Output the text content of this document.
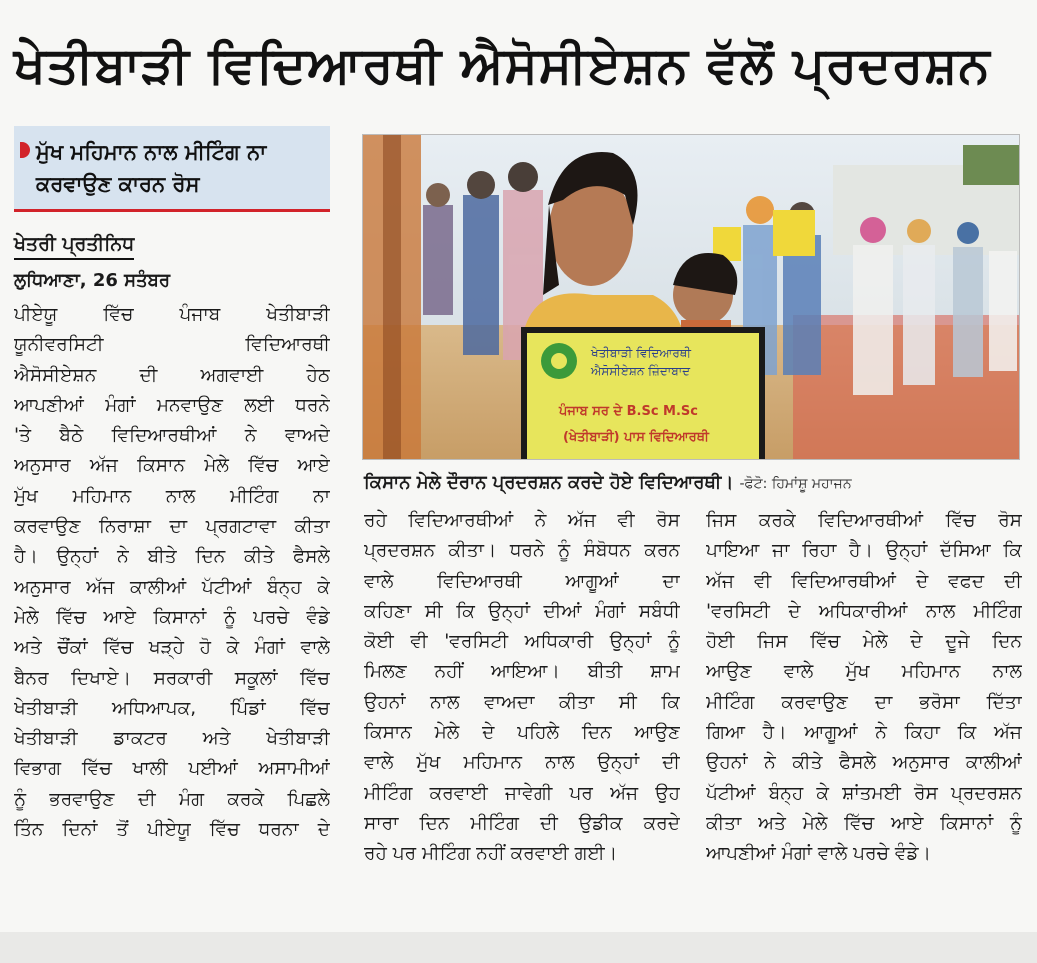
ਖੇਤੀਬਾੜੀ ਵਿਦਿਆਰਥੀ ਐਸੋਸੀਏਸ਼ਨ ਵੱਲੋਂ ਪ੍ਰਦਰਸ਼ਨ
ਮੁੱਖ ਮਹਿਮਾਨ ਨਾਲ ਮੀਟਿੰਗ ਨਾ
ਕਰਵਾਉਣ ਕਾਰਨ ਰੋਸ
ਖੇਤਰੀ ਪ੍ਰਤੀਨਿਧ
ਲੁਧਿਆਣਾ, 26 ਸਤੰਬਰ
ਪੀਏਯੂ ਵਿੱਚ ਪੰਜਾਬ ਖੇਤੀਬਾੜੀ
ਯੂਨੀਵਰਸਿਟੀ ਵਿਦਿਆਰਥੀ
ਐਸੋਸੀਏਸ਼ਨ ਦੀ ਅਗਵਾਈ ਹੇਠ
ਆਪਣੀਆਂ ਮੰਗਾਂ ਮਨਵਾਉਣ ਲਈ ਧਰਨੇ
'ਤੇ ਬੈਠੇ ਵਿਦਿਆਰਥੀਆਂ ਨੇ ਵਾਅਦੇ
ਅਨੁਸਾਰ ਅੱਜ ਕਿਸਾਨ ਮੇਲੇ ਵਿੱਚ ਆਏ
ਮੁੱਖ ਮਹਿਮਾਨ ਨਾਲ ਮੀਟਿੰਗ ਨਾ
ਕਰਵਾਉਣ ਨਿਰਾਸ਼ਾ ਦਾ ਪ੍ਰਗਟਾਵਾ ਕੀਤਾ
ਹੈ। ਉਨ੍ਹਾਂ ਨੇ ਬੀਤੇ ਦਿਨ ਕੀਤੇ ਫੈਸਲੇ
ਅਨੁਸਾਰ ਅੱਜ ਕਾਲੀਆਂ ਪੱਟੀਆਂ ਬੰਨ੍ਹ ਕੇ
ਮੇਲੇ ਵਿੱਚ ਆਏ ਕਿਸਾਨਾਂ ਨੂੰ ਪਰਚੇ ਵੰਡੇ
ਅਤੇ ਚੌਂਕਾਂ ਵਿੱਚ ਖੜ੍ਹੇ ਹੋ ਕੇ ਮੰਗਾਂ ਵਾਲੇ
ਬੈਨਰ ਦਿਖਾਏ। ਸਰਕਾਰੀ ਸਕੂਲਾਂ ਵਿੱਚ
ਖੇਤੀਬਾੜੀ ਅਧਿਆਪਕ, ਪਿੰਡਾਂ ਵਿੱਚ
ਖੇਤੀਬਾੜੀ ਡਾਕਟਰ ਅਤੇ ਖੇਤੀਬਾੜੀ
ਵਿਭਾਗ ਵਿੱਚ ਖਾਲੀ ਪਈਆਂ ਅਸਾਮੀਆਂ
ਨੂੰ ਭਰਵਾਉਣ ਦੀ ਮੰਗ ਕਰਕੇ ਪਿਛਲੇ
ਤਿੰਨ ਦਿਨਾਂ ਤੋਂ ਪੀਏਯੂ ਵਿੱਚ ਧਰਨਾ ਦੇ
ਖੇਤੀਬਾੜੀ ਵਿਦਿਆਰਥੀ
ਐਸੋਸੀਏਸ਼ਨ ਜ਼ਿੰਦਾਬਾਦ
ਪੰਜਾਬ ਸਰ ਦੇ B.Sc M.Sc
(ਖੇਤੀਬਾੜੀ) ਪਾਸ ਵਿਦਿਆਰਥੀ
ਕਿਸਾਨ ਮੇਲੇ ਦੌਰਾਨ ਪ੍ਰਦਰਸ਼ਨ ਕਰਦੇ ਹੋਏ ਵਿਦਿਆਰਥੀ। -ਫੋਟੋ: ਹਿਮਾਂਸ਼ੂ ਮਹਾਜਨ
ਰਹੇ ਵਿਦਿਆਰਥੀਆਂ ਨੇ ਅੱਜ ਵੀ ਰੋਸ
ਪ੍ਰਦਰਸ਼ਨ ਕੀਤਾ। ਧਰਨੇ ਨੂੰ ਸੰਬੋਧਨ ਕਰਨ
ਵਾਲੇ ਵਿਦਿਆਰਥੀ ਆਗੂਆਂ ਦਾ
ਕਹਿਣਾ ਸੀ ਕਿ ਉਨ੍ਹਾਂ ਦੀਆਂ ਮੰਗਾਂ ਸਬੰਧੀ
ਕੋਈ ਵੀ 'ਵਰਸਿਟੀ ਅਧਿਕਾਰੀ ਉਨ੍ਹਾਂ ਨੂੰ
ਮਿਲਣ ਨਹੀਂ ਆਇਆ। ਬੀਤੀ ਸ਼ਾਮ
ਉਹਨਾਂ ਨਾਲ ਵਾਅਦਾ ਕੀਤਾ ਸੀ ਕਿ
ਕਿਸਾਨ ਮੇਲੇ ਦੇ ਪਹਿਲੇ ਦਿਨ ਆਉਣ
ਵਾਲੇ ਮੁੱਖ ਮਹਿਮਾਨ ਨਾਲ ਉਨ੍ਹਾਂ ਦੀ
ਮੀਟਿੰਗ ਕਰਵਾਈ ਜਾਵੇਗੀ ਪਰ ਅੱਜ ਉਹ
ਸਾਰਾ ਦਿਨ ਮੀਟਿੰਗ ਦੀ ਉਡੀਕ ਕਰਦੇ
ਰਹੇ ਪਰ ਮੀਟਿੰਗ ਨਹੀਂ ਕਰਵਾਈ ਗਈ।
ਜਿਸ ਕਰਕੇ ਵਿਦਿਆਰਥੀਆਂ ਵਿੱਚ ਰੋਸ
ਪਾਇਆ ਜਾ ਰਿਹਾ ਹੈ। ਉਨ੍ਹਾਂ ਦੱਸਿਆ ਕਿ
ਅੱਜ ਵੀ ਵਿਦਿਆਰਥੀਆਂ ਦੇ ਵਫਦ ਦੀ
'ਵਰਸਿਟੀ ਦੇ ਅਧਿਕਾਰੀਆਂ ਨਾਲ ਮੀਟਿੰਗ
ਹੋਈ ਜਿਸ ਵਿੱਚ ਮੇਲੇ ਦੇ ਦੂਜੇ ਦਿਨ
ਆਉਣ ਵਾਲੇ ਮੁੱਖ ਮਹਿਮਾਨ ਨਾਲ
ਮੀਟਿੰਗ ਕਰਵਾਉਣ ਦਾ ਭਰੋਸਾ ਦਿੱਤਾ
ਗਿਆ ਹੈ। ਆਗੂਆਂ ਨੇ ਕਿਹਾ ਕਿ ਅੱਜ
ਉਹਨਾਂ ਨੇ ਕੀਤੇ ਫੈਸਲੇ ਅਨੁਸਾਰ ਕਾਲੀਆਂ
ਪੱਟੀਆਂ ਬੰਨ੍ਹ ਕੇ ਸ਼ਾਂਤਮਈ ਰੋਸ ਪ੍ਰਦਰਸ਼ਨ
ਕੀਤਾ ਅਤੇ ਮੇਲੇ ਵਿੱਚ ਆਏ ਕਿਸਾਨਾਂ ਨੂੰ
ਆਪਣੀਆਂ ਮੰਗਾਂ ਵਾਲੇ ਪਰਚੇ ਵੰਡੇ।
